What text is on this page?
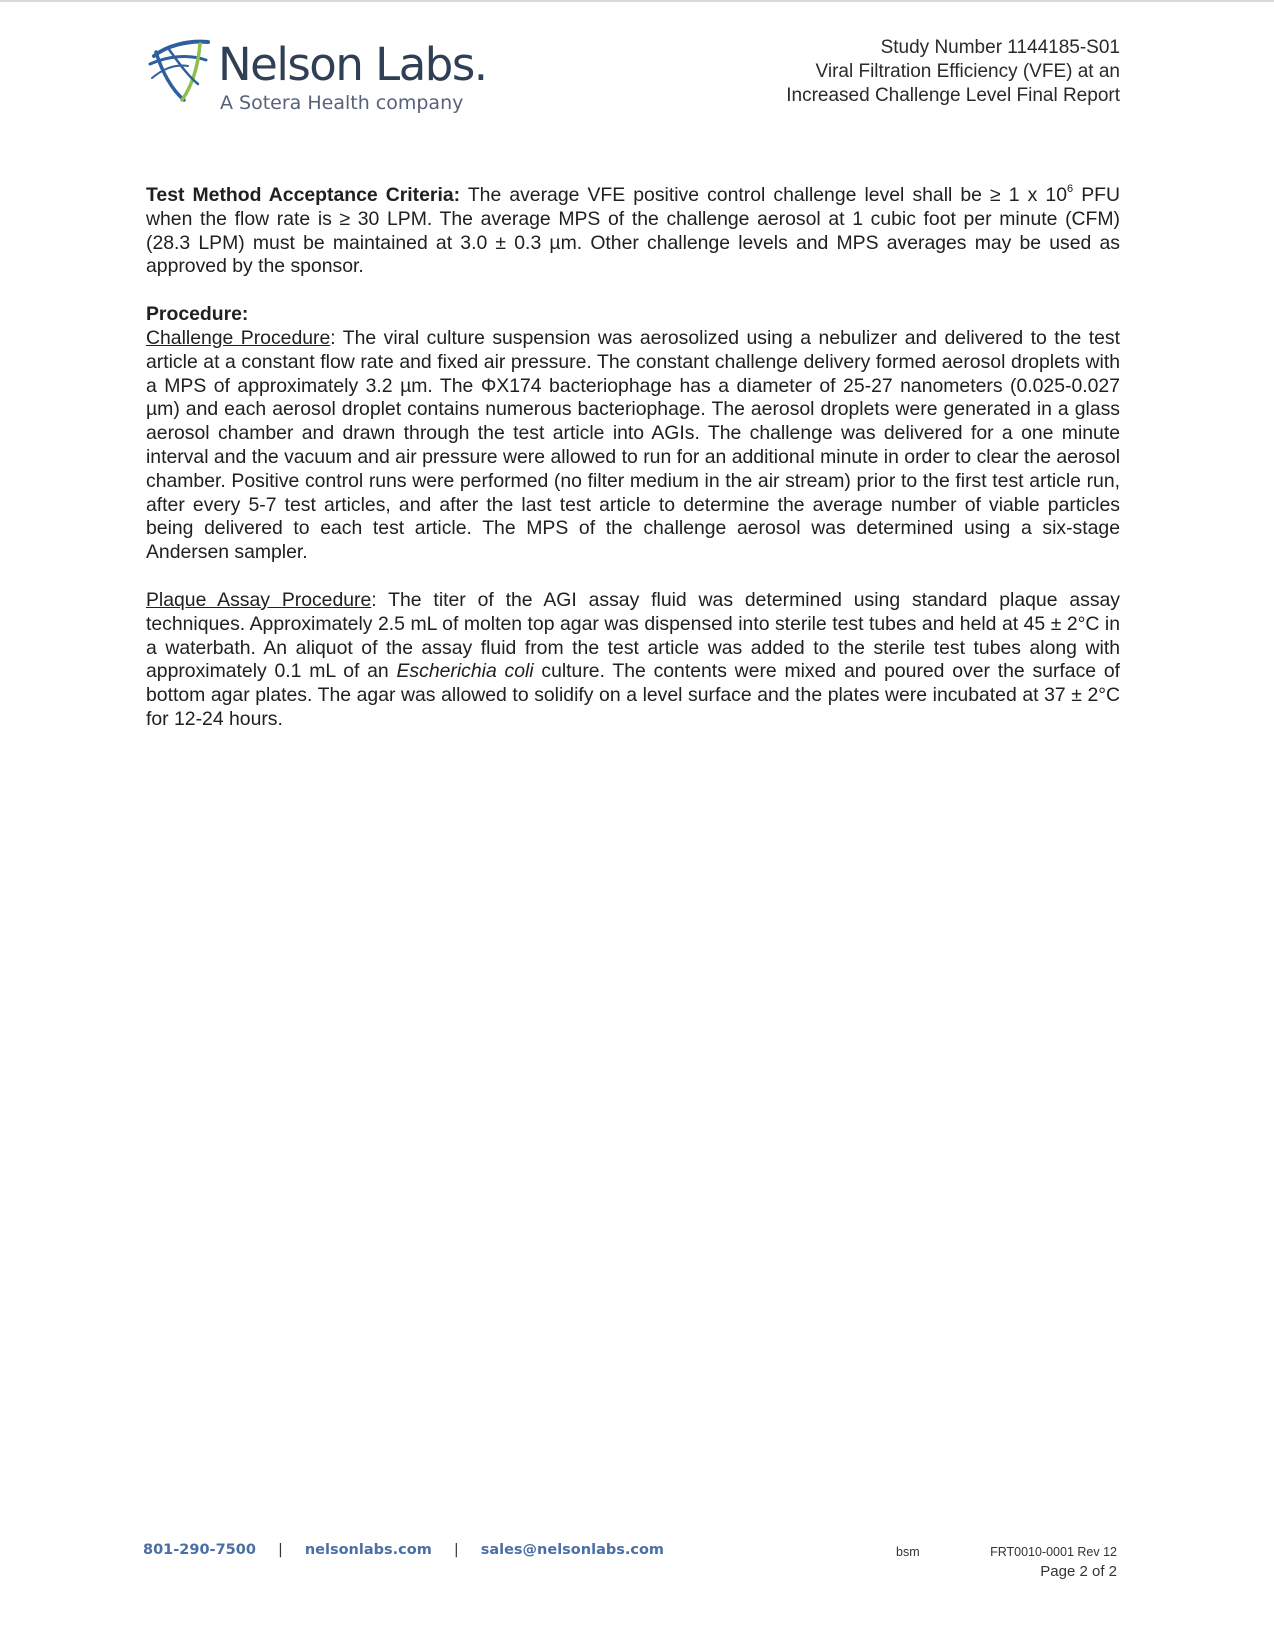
Nelson Labs.
A Sotera Health company
Study Number 1144185-S01
Viral Filtration Efficiency (VFE) at an
Increased Challenge Level Final Report

Test Method Acceptance Criteria: The average VFE positive control challenge level shall be ≥ 1 x $10^6$ PFU when the flow rate is ≥ 30 LPM. The average MPS of the challenge aerosol at 1 cubic foot per minute (CFM) (28.3 LPM) must be maintained at 3.0 ± 0.3 µm. Other challenge levels and MPS averages may be used as approved by the sponsor.

Procedure:

Challenge Procedure: The viral culture suspension was aerosolized using a nebulizer and delivered to the test article at a constant flow rate and fixed air pressure. The constant challenge delivery formed aerosol droplets with a MPS of approximately 3.2 µm. The ΦX174 bacteriophage has a diameter of 25-27 nanometers (0.025-0.027 µm) and each aerosol droplet contains numerous bacteriophage. The aerosol droplets were generated in a glass aerosol chamber and drawn through the test article into AGIs. The challenge was delivered for a one minute interval and the vacuum and air pressure were allowed to run for an additional minute in order to clear the aerosol chamber. Positive control runs were performed (no filter medium in the air stream) prior to the first test article run, after every 5-7 test articles, and after the last test article to determine the average number of viable particles being delivered to each test article. The MPS of the challenge aerosol was determined using a six-stage Andersen sampler.

Plaque Assay Procedure: The titer of the AGI assay fluid was determined using standard plaque assay techniques. Approximately 2.5 mL of molten top agar was dispensed into sterile test tubes and held at 45 ± 2°C in a waterbath. An aliquot of the assay fluid from the test article was added to the sterile test tubes along with approximately 0.1 mL of an Escherichia coli culture. The contents were mixed and poured over the surface of bottom agar plates. The agar was allowed to solidify on a level surface and the plates were incubated at 37 ± 2°C for 12-24 hours.

801-290-7500 | nelsonlabs.com | sales@nelsonlabs.com	bsm	FRT0010-0001 Rev 12
Page 2 of 2
